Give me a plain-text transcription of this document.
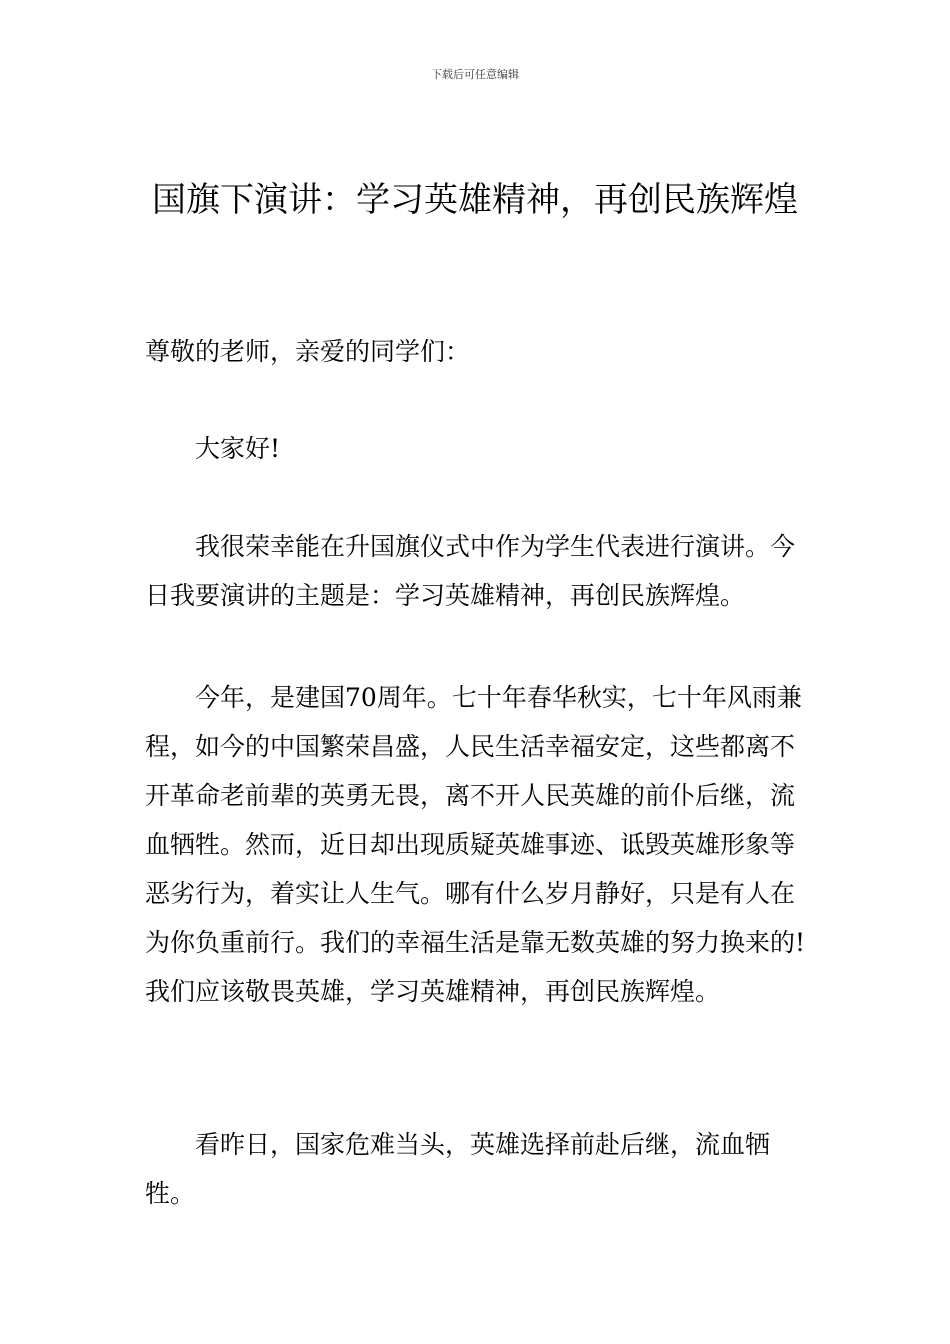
下载后可任意编辑
国旗下演讲：学习英雄精神，再创民族辉煌

尊敬的老师，亲爱的同学们：

大家好!

我很荣幸能在升国旗仪式中作为学生代表进行演讲。今日我要演讲的主题是：学习英雄精神，再创民族辉煌。

今年，是建国70周年。七十年春华秋实，七十年风雨兼程，如今的中国繁荣昌盛，人民生活幸福安定，这些都离不开革命老前辈的英勇无畏，离不开人民英雄的前仆后继，流血牺牲。然而，近日却出现质疑英雄事迹、诋毁英雄形象等恶劣行为，着实让人生气。哪有什么岁月静好，只是有人在为你负重前行。我们的幸福生活是靠无数英雄的努力换来的!我们应该敬畏英雄，学习英雄精神，再创民族辉煌。

看昨日，国家危难当头，英雄选择前赴后继，流血牺牲。
